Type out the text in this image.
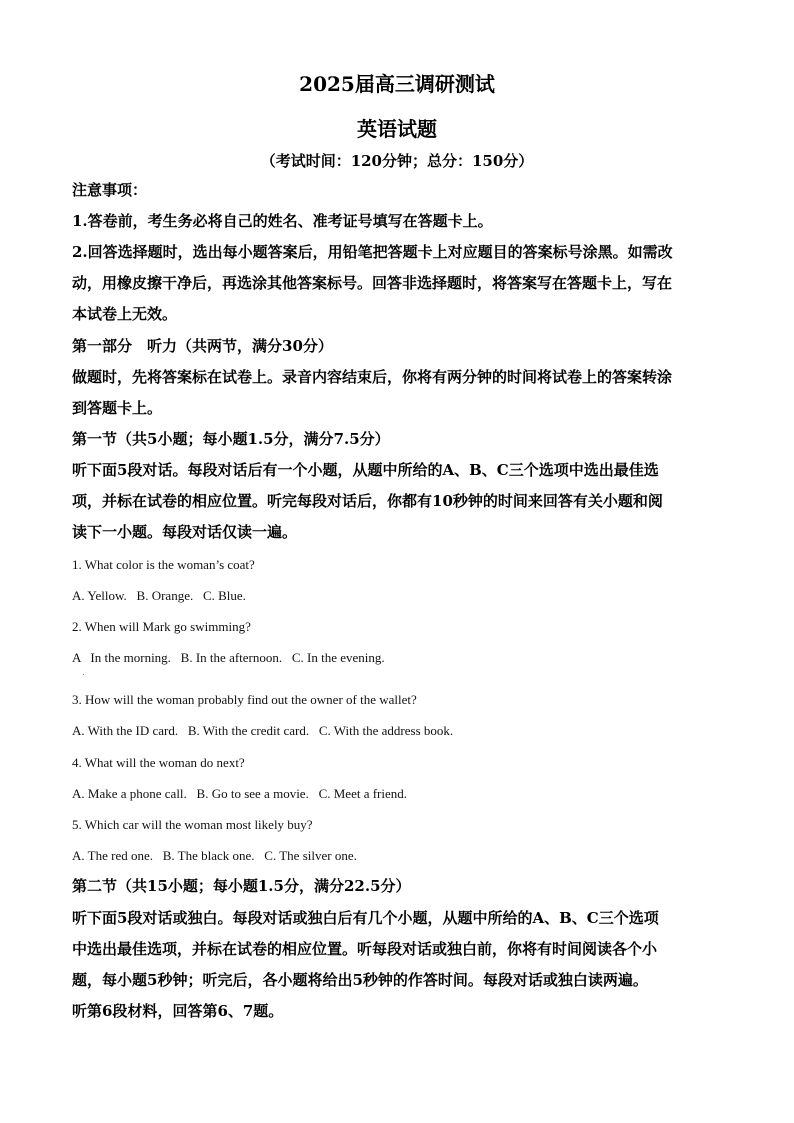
2025届高三调研测试
英语试题
（考试时间：120分钟；总分：150分）
注意事项：
1.答卷前，考生务必将自己的姓名、准考证号填写在答题卡上。
2.回答选择题时，选出每小题答案后，用铅笔把答题卡上对应题目的答案标号涂黑。如需改
动，用橡皮擦干净后，再选涂其他答案标号。回答非选择题时，将答案写在答题卡上，写在
本试卷上无效。
第一部分　听力（共两节，满分30分）
做题时，先将答案标在试卷上。录音内容结束后，你将有两分钟的时间将试卷上的答案转涂
到答题卡上。
第一节（共5小题；每小题1.5分，满分7.5分）
听下面5段对话。每段对话后有一个小题，从题中所给的A、B、C三个选项中选出最佳选
项，并标在试卷的相应位置。听完每段对话后，你都有10秒钟的时间来回答有关小题和阅
读下一小题。每段对话仅读一遍。
1. What color is the woman’s coat?
A. Yellow.   B. Orange.   C. Blue.
2. When will Mark go swimming?
A   In the morning.   B. In the afternoon.   C. In the evening.
·
3. How will the woman probably find out the owner of the wallet?
A. With the ID card.   B. With the credit card.   C. With the address book.
4. What will the woman do next?
A. Make a phone call.   B. Go to see a movie.   C. Meet a friend.
5. Which car will the woman most likely buy?
A. The red one.   B. The black one.   C. The silver one.
第二节（共15小题；每小题1.5分，满分22.5分）
听下面5段对话或独白。每段对话或独白后有几个小题，从题中所给的A、B、C三个选项
中选出最佳选项，并标在试卷的相应位置。听每段对话或独白前，你将有时间阅读各个小
题，每小题5秒钟；听完后，各小题将给出5秒钟的作答时间。每段对话或独白读两遍。
听第6段材料，回答第6、7题。
